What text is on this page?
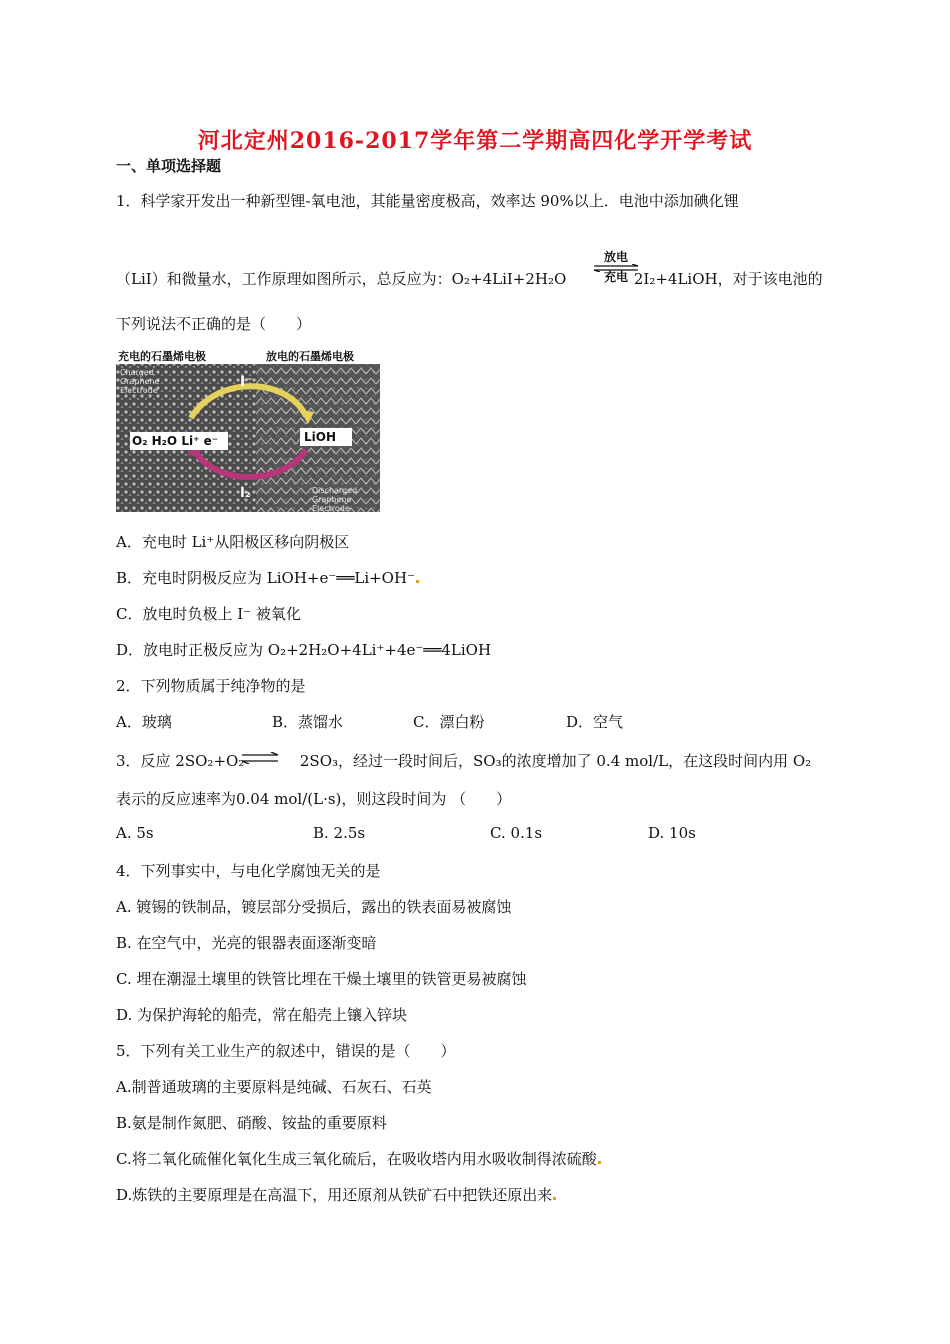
河北定州2016-2017学年第二学期高四化学开学考试
一、单项选择题
1．科学家开发出一种新型锂-氧电池，其能量密度极高，效率达 90%以上．电池中添加碘化锂
（LiI）和微量水，工作原理如图所示，总反应为：O₂+4LiI+2H₂O	2I₂+4LiOH，对于该电池的
放电
充电
下列说法不正确的是（　　）
充电的石墨烯电极	放电的石墨烯电极
I⁻
O₂ H₂O Li⁺ e⁻	LiOH
I₂
Charged Graphene Electrode
Discharged Graphene Electrode
A．充电时 Li⁺从阳极区移向阴极区
B．充电时阴极反应为 LiOH+e⁻══Li+OH⁻
C．放电时负极上 I⁻ 被氧化
D．放电时正极反应为 O₂+2H₂O+4Li⁺+4e⁻══4LiOH
2．下列物质属于纯净物的是
A．玻璃	B．蒸馏水	C．漂白粉	D．空气
3．反应 2SO₂+O₂	2SO₃，经过一段时间后，SO₃的浓度增加了 0.4 mol/L，在这段时间内用 O₂
表示的反应速率为0.04 mol/(L·s)，则这段时间为 （　　）
A. 5s	B. 2.5s	C. 0.1s	D. 10s
4．下列事实中，与电化学腐蚀无关的是
A. 镀锡的铁制品，镀层部分受损后，露出的铁表面易被腐蚀
B. 在空气中，光亮的银器表面逐渐变暗
C. 埋在潮湿土壤里的铁管比埋在干燥土壤里的铁管更易被腐蚀
D. 为保护海轮的船壳，常在船壳上镶入锌块
5．下列有关工业生产的叙述中，错误的是（　　）
A.制普通玻璃的主要原料是纯碱、石灰石、石英
B.氨是制作氮肥、硝酸、铵盐的重要原料
C.将二氧化硫催化氧化生成三氧化硫后，在吸收塔内用水吸收制得浓硫酸
D.炼铁的主要原理是在高温下，用还原剂从铁矿石中把铁还原出来
